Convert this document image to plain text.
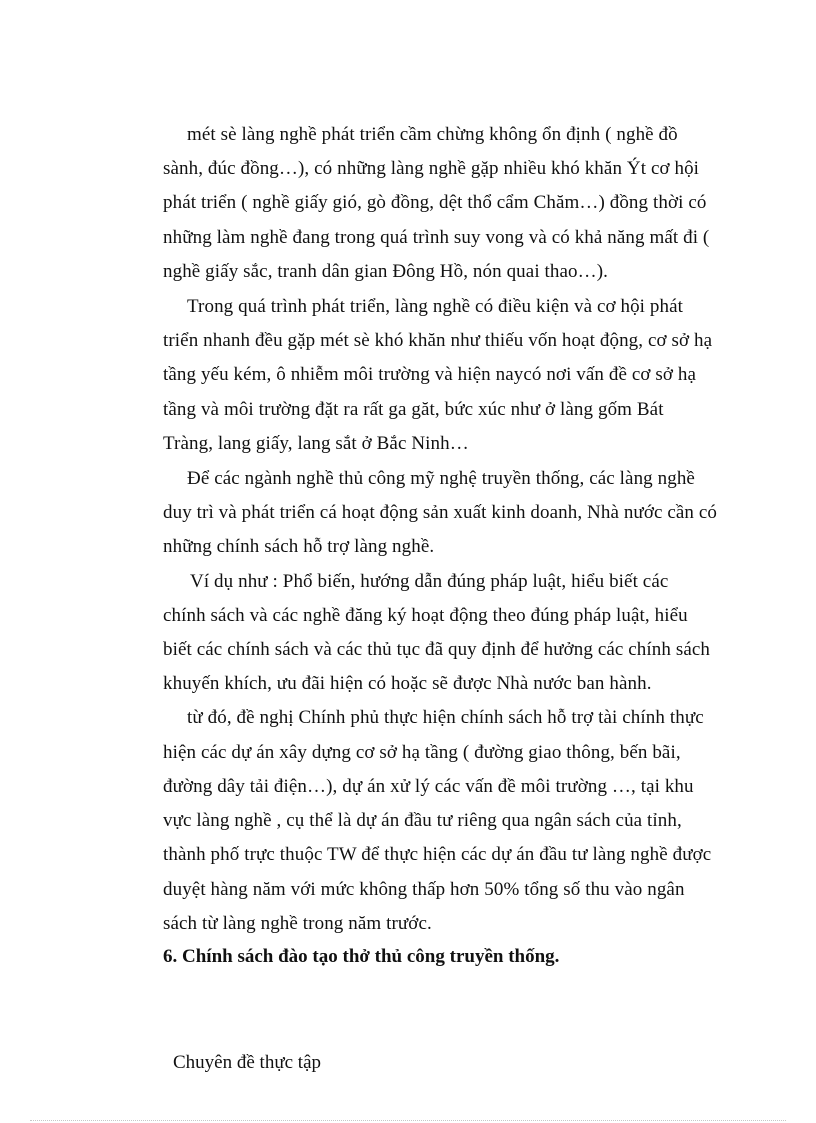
mét sè làng nghề phát triển cầm chừng không ổn định ( nghề đồ
sành, đúc đồng…), có những làng nghề gặp nhiều khó khăn Ýt cơ hội
phát triển ( nghề giấy gió, gò đồng, dệt thổ cẩm Chăm…) đồng thời có
những làm nghề đang trong quá trình suy vong và có khả năng mất đi (
nghề giấy sắc, tranh dân gian Đông Hồ, nón quai thao…).
Trong quá trình phát triển, làng nghề có điều kiện và cơ hội phát
triển nhanh đều gặp mét sè khó khăn như thiếu vốn hoạt động, cơ sở hạ
tầng yếu kém, ô nhiễm môi trường và hiện naycó nơi vấn đề cơ sở hạ
tầng và môi trường đặt ra rất ga găt, bức xúc như ở làng gốm Bát
Tràng, lang giấy, lang sắt ở Bắc Ninh…
Để các ngành nghề thủ công mỹ nghệ truyền thống, các làng nghề
duy trì và phát triển cá hoạt động sản xuất kinh doanh, Nhà nước cần có
những chính sách hỗ trợ làng nghề.
Ví dụ như : Phổ biến, hướng dẫn đúng pháp luật, hiểu biết các
chính sách và các nghề đăng ký hoạt động theo đúng pháp luật, hiểu
biết các chính sách và các thủ tục đã quy định để hưởng các chính sách
khuyến khích, ưu đãi hiện có hoặc sẽ được Nhà nước ban hành.
từ đó, đề nghị Chính phủ thực hiện chính sách hỗ trợ tài chính thực
hiện các dự án xây dựng cơ sở hạ tầng ( đường giao thông, bến bãi,
đường dây tải điện…), dự án xử lý các vấn đề môi trường …, tại khu
vực làng nghề , cụ thể là dự án đầu tư riêng qua ngân sách của tỉnh,
thành phố trực thuộc TW để thực hiện các dự án đầu tư làng nghề được
duyệt hàng năm với mức không thấp hơn 50% tổng số thu vào ngân
sách từ làng nghề trong năm trước.
6. Chính sách đào tạo thở thủ công truyền thống.
Chuyên đề thực tập
